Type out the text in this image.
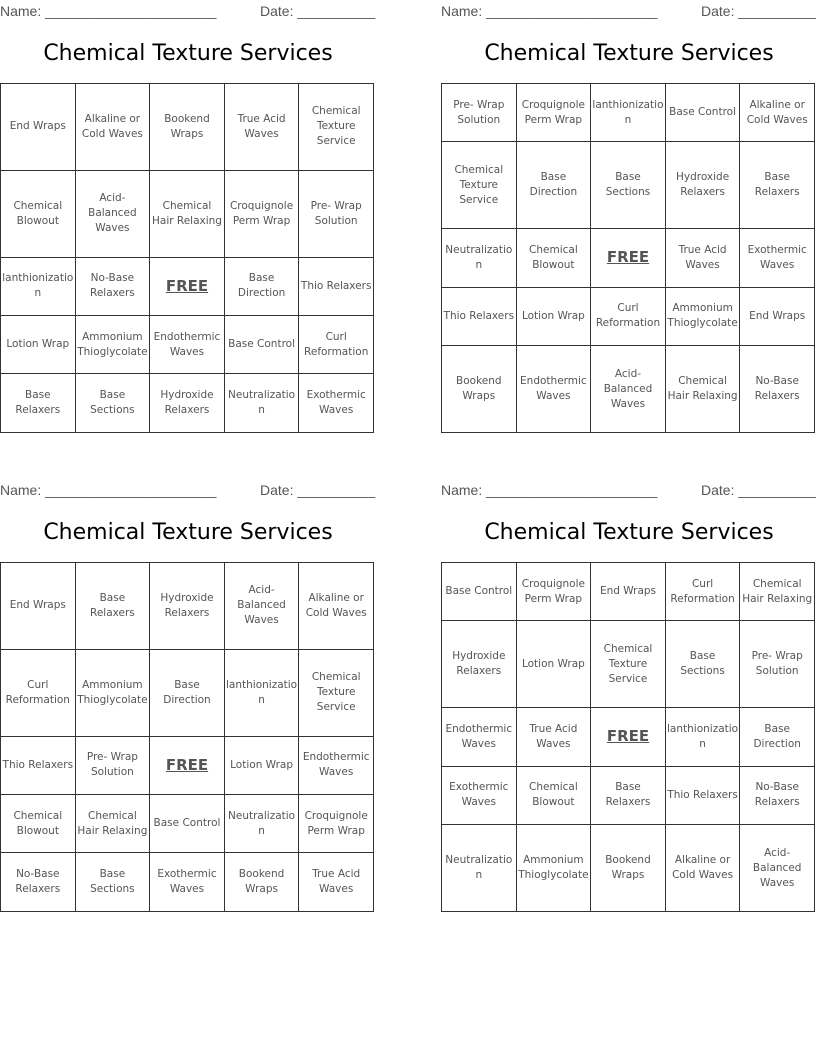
Name: ______________________	Date: __________
Chemical Texture Services
End Wraps	Alkaline or Cold Waves	Bookend Wraps	True Acid Waves	Chemical Texture Service
Chemical Blowout	Acid-Balanced Waves	Chemical Hair Relaxing	Croquignole Perm Wrap	Pre- Wrap Solution
lanthionizatio n	No-Base Relaxers	FREE	Base Direction	Thio Relaxers
Lotion Wrap	Ammonium Thioglycolate	Endothermic Waves	Base Control	Curl Reformation
Base Relaxers	Base Sections	Hydroxide Relaxers	Neutralization	Exothermic Waves
Name: ______________________	Date: __________
Chemical Texture Services
Pre- Wrap Solution	Croquignole Perm Wrap	lanthionizatio n	Base Control	Alkaline or Cold Waves
Chemical Texture Service	Base Direction	Base Sections	Hydroxide Relaxers	Base Relaxers
Neutralization	Chemical Blowout	FREE	True Acid Waves	Exothermic Waves
Thio Relaxers	Lotion Wrap	Curl Reformation	Ammonium Thioglycolate	End Wraps
Bookend Wraps	Endothermic Waves	Acid-Balanced Waves	Chemical Hair Relaxing	No-Base Relaxers
Name: ______________________	Date: __________
Chemical Texture Services
End Wraps	Base Relaxers	Hydroxide Relaxers	Acid-Balanced Waves	Alkaline or Cold Waves
Curl Reformation	Ammonium Thioglycolate	Base Direction	lanthionizatio n	Chemical Texture Service
Thio Relaxers	Pre- Wrap Solution	FREE	Lotion Wrap	Endothermic Waves
Chemical Blowout	Chemical Hair Relaxing	Base Control	Neutralization	Croquignole Perm Wrap
No-Base Relaxers	Base Sections	Exothermic Waves	Bookend Wraps	True Acid Waves
Name: ______________________	Date: __________
Chemical Texture Services
Base Control	Croquignole Perm Wrap	End Wraps	Curl Reformation	Chemical Hair Relaxing
Hydroxide Relaxers	Lotion Wrap	Chemical Texture Service	Base Sections	Pre- Wrap Solution
Endothermic Waves	True Acid Waves	FREE	lanthionizatio n	Base Direction
Exothermic Waves	Chemical Blowout	Base Relaxers	Thio Relaxers	No-Base Relaxers
Neutralization	Ammonium Thioglycolate	Bookend Wraps	Alkaline or Cold Waves	Acid-Balanced Waves
